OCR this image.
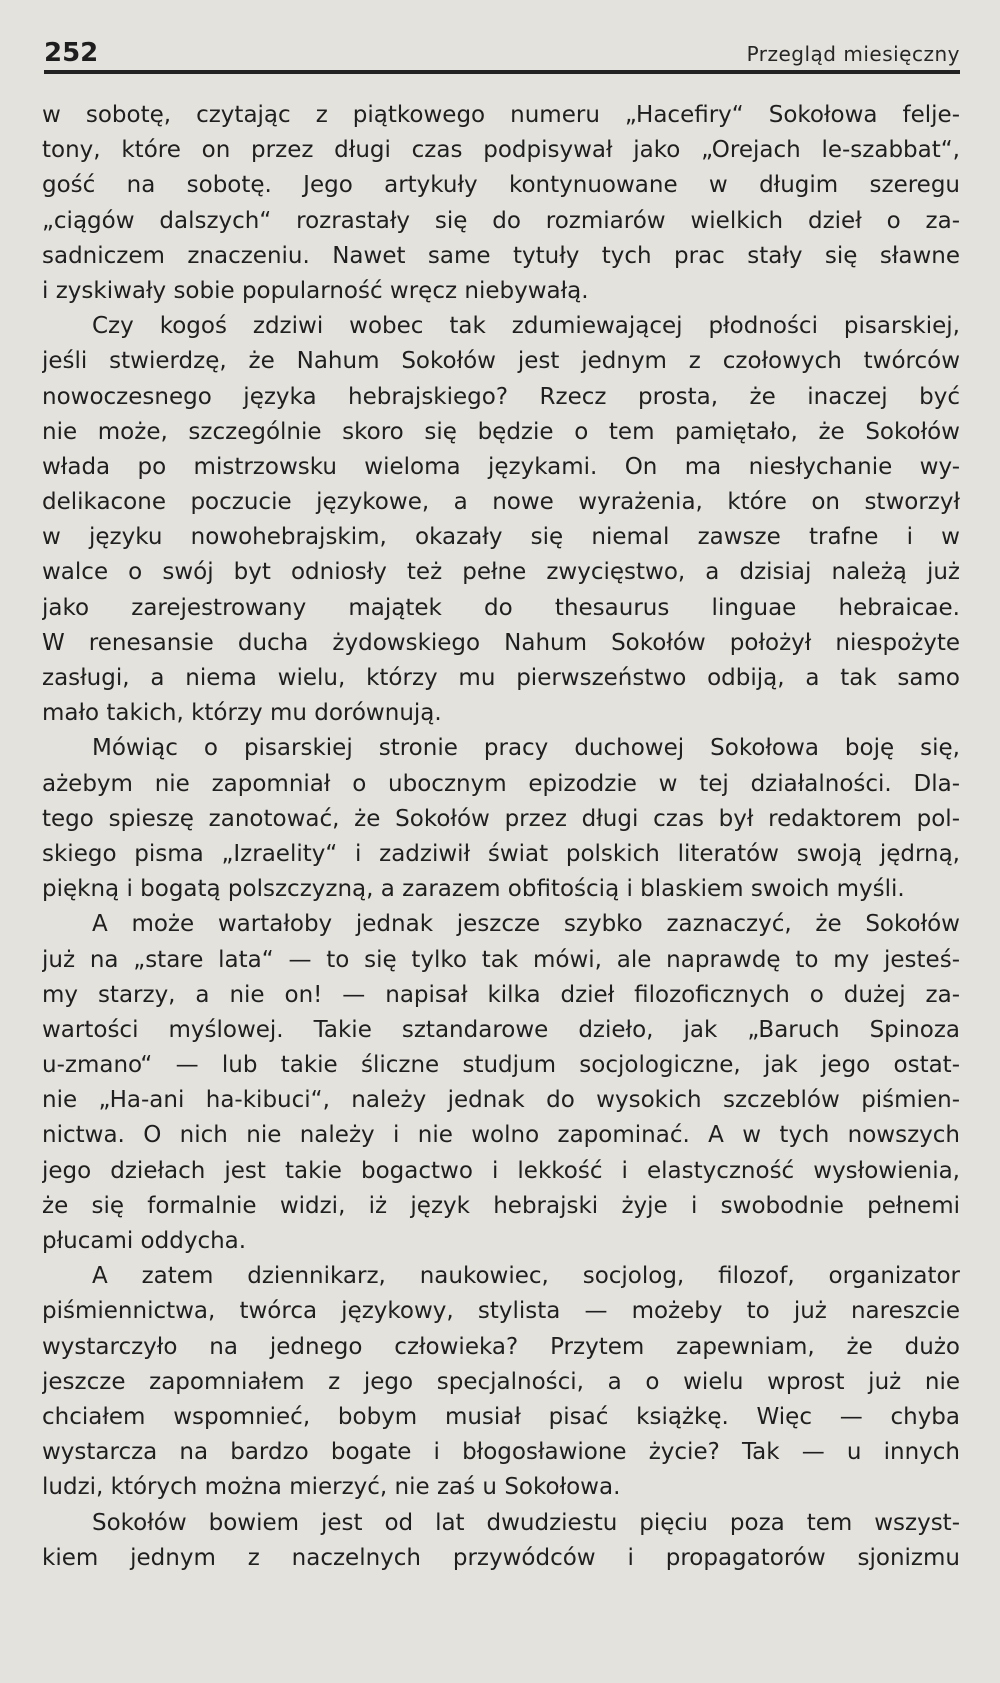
252	Przegląd miesięczny
w sobotę, czytając z piątkowego numeru „Hacefiry“ Sokołowa felje-
tony, które on przez długi czas podpisywał jako „Orejach le-szabbat“,
gość na sobotę. Jego artykuły kontynuowane w długim szeregu
„ciągów dalszych“ rozrastały się do rozmiarów wielkich dzieł o za-
sadniczem znaczeniu. Nawet same tytuły tych prac stały się sławne
i zyskiwały sobie popularność wręcz niebywałą.
Czy kogoś zdziwi wobec tak zdumiewającej płodności pisarskiej,
jeśli stwierdzę, że Nahum Sokołów jest jednym z czołowych twórców
nowoczesnego języka hebrajskiego? Rzecz prosta, że inaczej być
nie może, szczególnie skoro się będzie o tem pamiętało, że Sokołów
włada po mistrzowsku wieloma językami. On ma niesłychanie wy-
delikacone poczucie językowe, a nowe wyrażenia, które on stworzył
w języku nowohebrajskim, okazały się niemal zawsze trafne i w
walce o swój byt odniosły też pełne zwycięstwo, a dzisiaj należą już
jako zarejestrowany majątek do thesaurus linguae hebraicae.
W renesansie ducha żydowskiego Nahum Sokołów położył niespożyte
zasługi, a niema wielu, którzy mu pierwszeństwo odbiją, a tak samo
mało takich, którzy mu dorównują.
Mówiąc o pisarskiej stronie pracy duchowej Sokołowa boję się,
ażebym nie zapomniał o ubocznym epizodzie w tej działalności. Dla-
tego spieszę zanotować, że Sokołów przez długi czas był redaktorem pol-
skiego pisma „Izraelity“ i zadziwił świat polskich literatów swoją jędrną,
piękną i bogatą polszczyzną, a zarazem obfitością i blaskiem swoich myśli.
A może wartałoby jednak jeszcze szybko zaznaczyć, że Sokołów
już na „stare lata“ — to się tylko tak mówi, ale naprawdę to my jesteś-
my starzy, a nie on! — napisał kilka dzieł filozoficznych o dużej za-
wartości myślowej. Takie sztandarowe dzieło, jak „Baruch Spinoza
u-zmano“ — lub takie śliczne studjum socjologiczne, jak jego ostat-
nie „Ha-ani ha-kibuci“, należy jednak do wysokich szczeblów piśmien-
nictwa. O nich nie należy i nie wolno zapominać. A w tych nowszych
jego dziełach jest takie bogactwo i lekkość i elastyczność wysłowienia,
że się formalnie widzi, iż język hebrajski żyje i swobodnie pełnemi
płucami oddycha.
A zatem dziennikarz, naukowiec, socjolog, filozof, organizator
piśmiennictwa, twórca językowy, stylista — możeby to już nareszcie
wystarczyło na jednego człowieka? Przytem zapewniam, że dużo
jeszcze zapomniałem z jego specjalności, a o wielu wprost już nie
chciałem wspomnieć, bobym musiał pisać książkę. Więc — chyba
wystarcza na bardzo bogate i błogosławione życie? Tak — u innych
ludzi, których można mierzyć, nie zaś u Sokołowa.
Sokołów bowiem jest od lat dwudziestu pięciu poza tem wszyst-
kiem jednym z naczelnych przywódców i propagatorów sjonizmu
